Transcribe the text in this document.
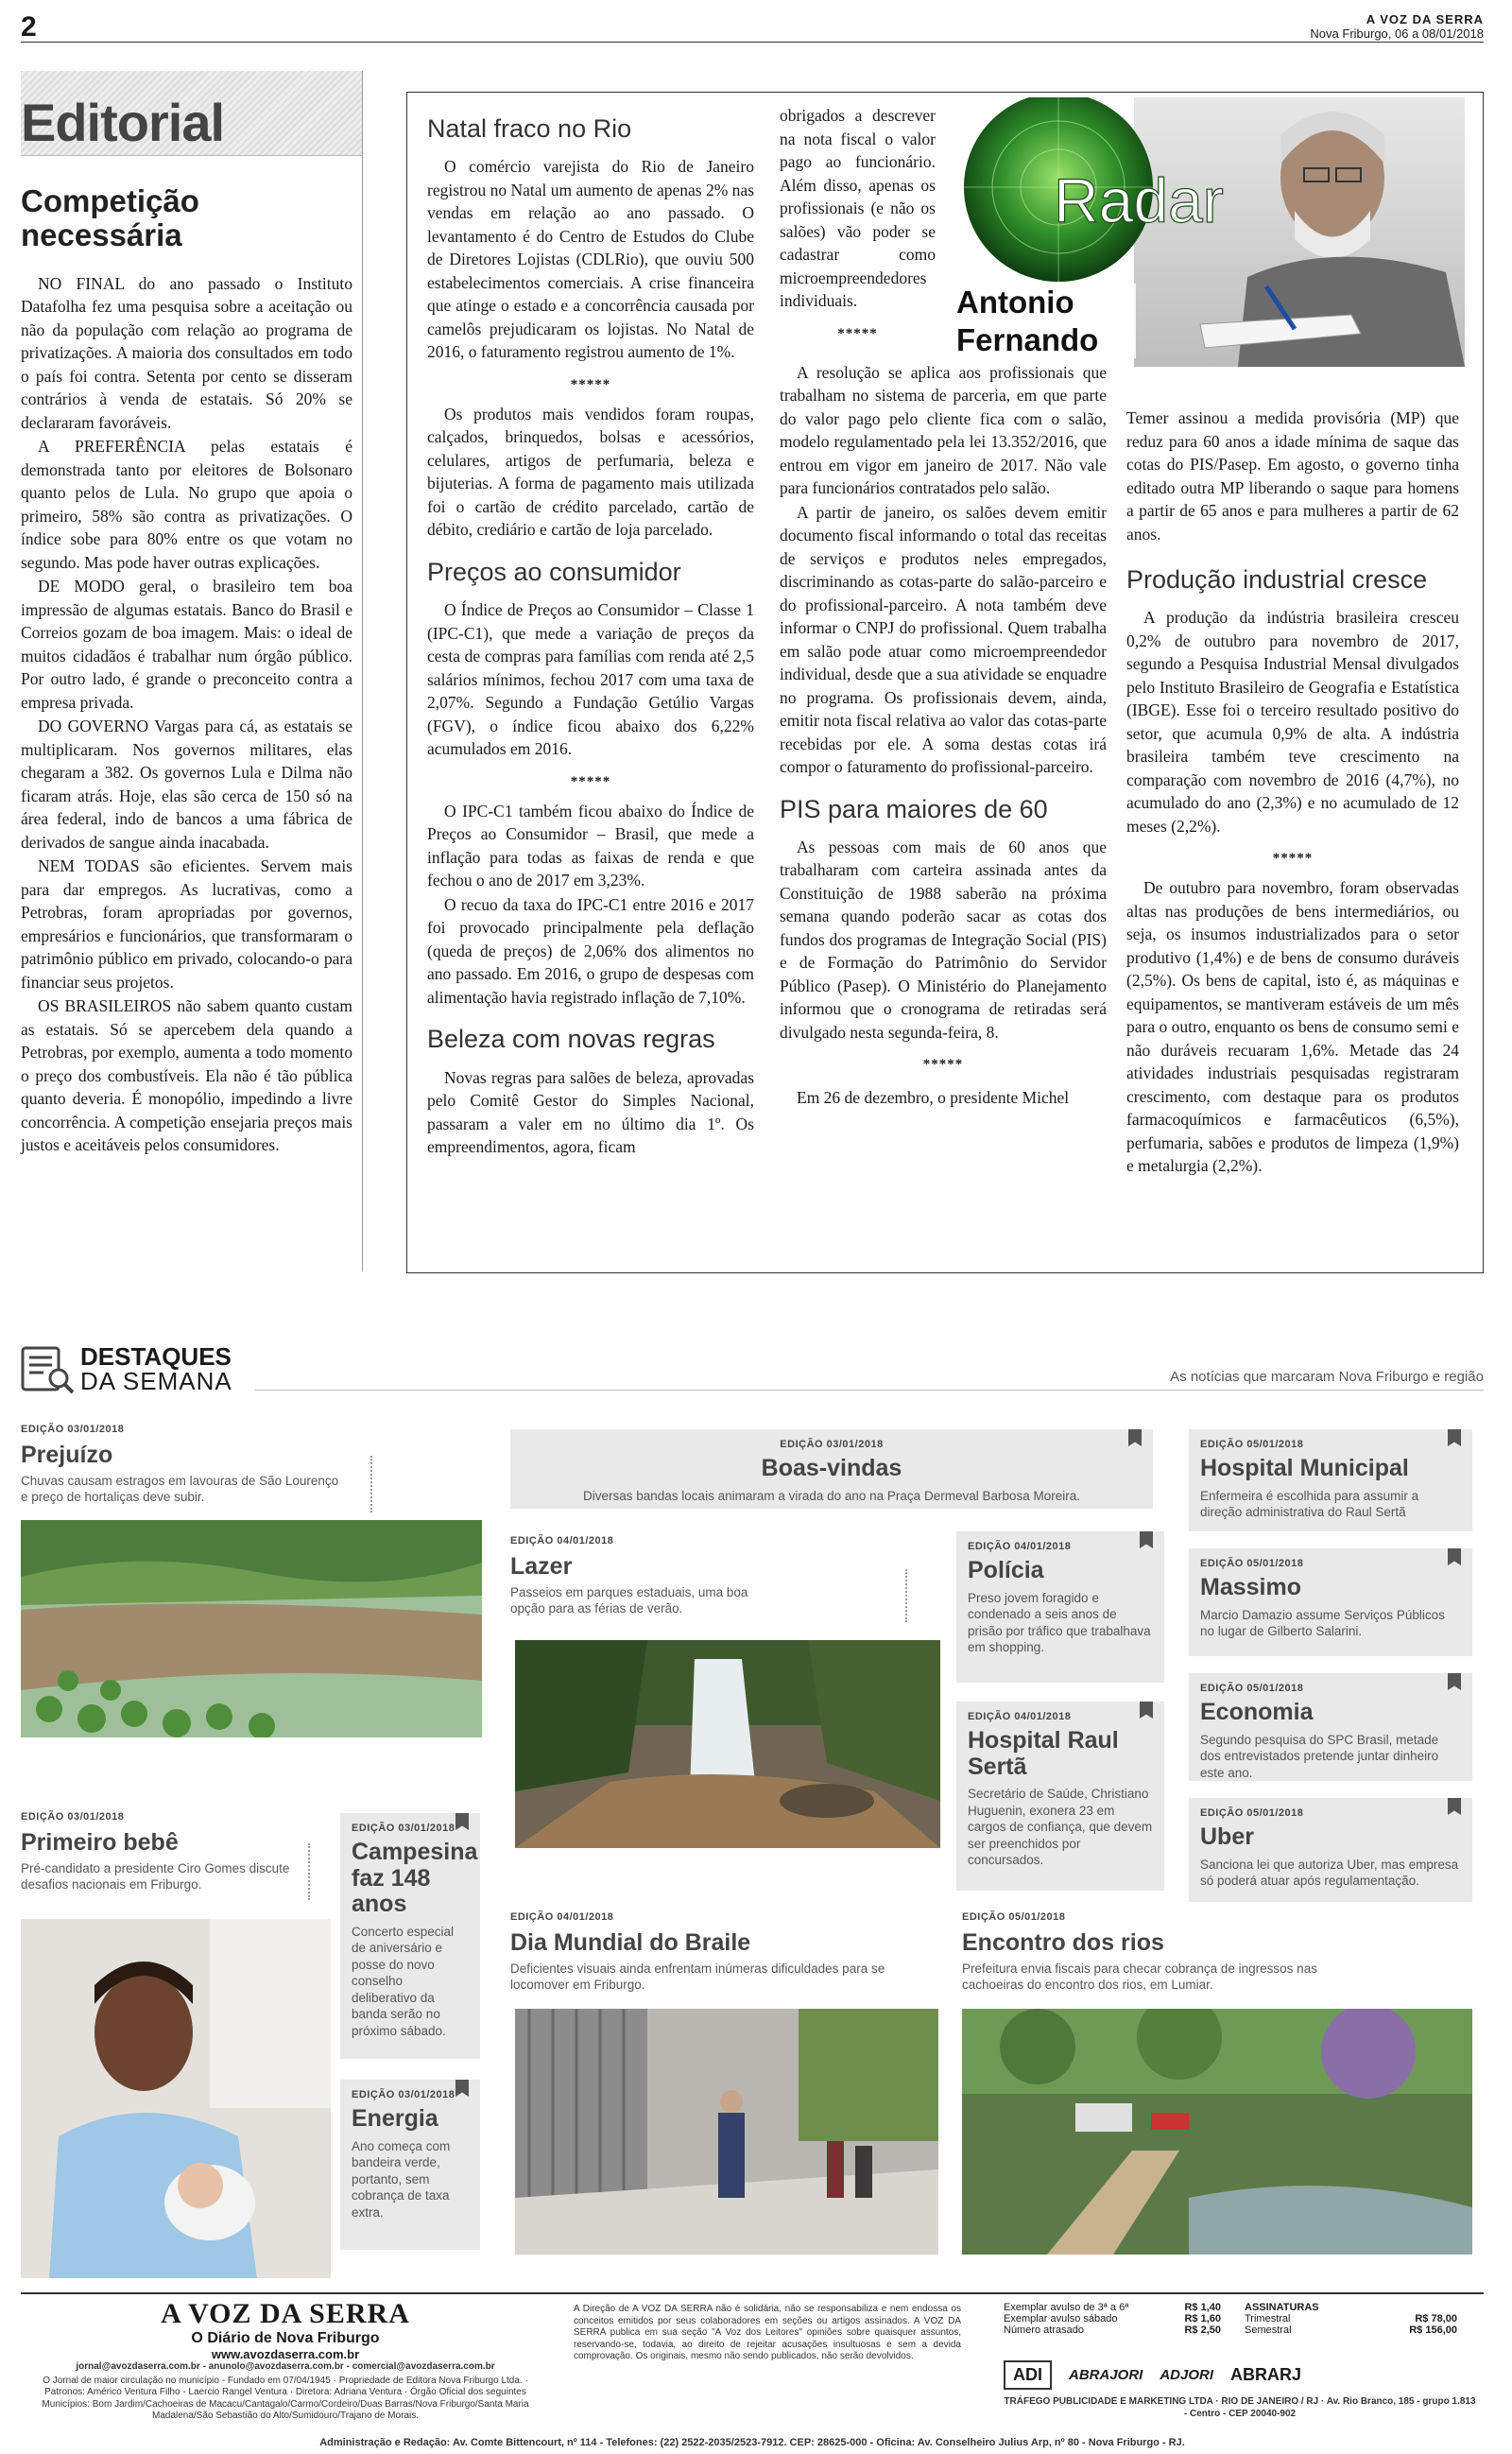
2	A VOZ DA SERRA
Nova Friburgo, 06 a 08/01/2018
Editorial
Competição necessária

NO FINAL do ano passado o Instituto Datafolha fez uma pesquisa sobre a aceitação ou não da população com relação ao programa de privatizações. A maioria dos consultados em todo o país foi contra. Setenta por cento se disseram contrários à venda de estatais. Só 20% se declararam favoráveis.

A PREFERÊNCIA pelas estatais é demonstrada tanto por eleitores de Bolsonaro quanto pelos de Lula. No grupo que apoia o primeiro, 58% são contra as privatizações. O índice sobe para 80% entre os que votam no segundo. Mas pode haver outras explicações.

DE MODO geral, o brasileiro tem boa impressão de algumas estatais. Banco do Brasil e Correios gozam de boa imagem. Mais: o ideal de muitos cidadãos é trabalhar num órgão público. Por outro lado, é grande o preconceito contra a empresa privada.

DO GOVERNO Vargas para cá, as estatais se multiplicaram. Nos governos militares, elas chegaram a 382. Os governos Lula e Dilma não ficaram atrás. Hoje, elas são cerca de 150 só na área federal, indo de bancos a uma fábrica de derivados de sangue ainda inacabada.

NEM TODAS são eficientes. Servem mais para dar empregos. As lucrativas, como a Petrobras, foram apropriadas por governos, empresários e funcionários, que transformaram o patrimônio público em privado, colocando-o para financiar seus projetos.

OS BRASILEIROS não sabem quanto custam as estatais. Só se apercebem dela quando a Petrobras, por exemplo, aumenta a todo momento o preço dos combustíveis. Ela não é tão pública quanto deveria. É monopólio, impedindo a livre concorrência. A competição ensejaria preços mais justos e aceitáveis pelos consumidores.

Natal fraco no Rio

O comércio varejista do Rio de Janeiro registrou no Natal um aumento de apenas 2% nas vendas em relação ao ano passado. O levantamento é do Centro de Estudos do Clube de Diretores Lojistas (CDLRio), que ouviu 500 estabelecimentos comerciais. A crise financeira que atinge o estado e a concorrência causada por camelôs prejudicaram os lojistas. No Natal de 2016, o faturamento registrou aumento de 1%.

*****

Os produtos mais vendidos foram roupas, calçados, brinquedos, bolsas e acessórios, celulares, artigos de perfumaria, beleza e bijuterias. A forma de pagamento mais utilizada foi o cartão de crédito parcelado, cartão de débito, crediário e cartão de loja parcelado.

Preços ao consumidor

O Índice de Preços ao Consumidor – Classe 1 (IPC-C1), que mede a variação de preços da cesta de compras para famílias com renda até 2,5 salários mínimos, fechou 2017 com uma taxa de 2,07%. Segundo a Fundação Getúlio Vargas (FGV), o índice ficou abaixo dos 6,22% acumulados em 2016.

*****

O IPC-C1 também ficou abaixo do Índice de Preços ao Consumidor – Brasil, que mede a inflação para todas as faixas de renda e que fechou o ano de 2017 em 3,23%.

O recuo da taxa do IPC-C1 entre 2016 e 2017 foi provocado principalmente pela deflação (queda de preços) de 2,06% dos alimentos no ano passado. Em 2016, o grupo de despesas com alimentação havia registrado inflação de 7,10%.

Beleza com novas regras

Novas regras para salões de beleza, aprovadas pelo Comitê Gestor do Simples Nacional, passaram a valer em no último dia 1º. Os empreendimentos, agora, ficam

obrigados a descrever na nota fiscal o valor pago ao funcionário. Além disso, apenas os profissionais (e não os salões) vão poder se cadastrar como microempreendedores individuais.

*****

A resolução se aplica aos profissionais que trabalham no sistema de parceria, em que parte do valor pago pelo cliente fica com o salão, modelo regulamentado pela lei 13.352/2016, que entrou em vigor em janeiro de 2017. Não vale para funcionários contratados pelo salão.

A partir de janeiro, os salões devem emitir documento fiscal informando o total das receitas de serviços e produtos neles empregados, discriminando as cotas-parte do salão-parceiro e do profissional-parceiro. A nota também deve informar o CNPJ do profissional. Quem trabalha em salão pode atuar como microempreendedor individual, desde que a sua atividade se enquadre no programa. Os profissionais devem, ainda, emitir nota fiscal relativa ao valor das cotas-parte recebidas por ele. A soma destas cotas irá compor o faturamento do profissional-parceiro.

PIS para maiores de 60

As pessoas com mais de 60 anos que trabalharam com carteira assinada antes da Constituição de 1988 saberão na próxima semana quando poderão sacar as cotas dos fundos dos programas de Integração Social (PIS) e de Formação do Patrimônio do Servidor Público (Pasep). O Ministério do Planejamento informou que o cronograma de retiradas será divulgado nesta segunda-feira, 8.

*****

Em 26 de dezembro, o presidente Michel

Radar
Antonio Fernando

Temer assinou a medida provisória (MP) que reduz para 60 anos a idade mínima de saque das cotas do PIS/Pasep. Em agosto, o governo tinha editado outra MP liberando o saque para homens a partir de 65 anos e para mulheres a partir de 62 anos.

Produção industrial cresce

A produção da indústria brasileira cresceu 0,2% de outubro para novembro de 2017, segundo a Pesquisa Industrial Mensal divulgados pelo Instituto Brasileiro de Geografia e Estatística (IBGE). Esse foi o terceiro resultado positivo do setor, que acumula 0,9% de alta. A indústria brasileira também teve crescimento na comparação com novembro de 2016 (4,7%), no acumulado do ano (2,3%) e no acumulado de 12 meses (2,2%).

*****

De outubro para novembro, foram observadas altas nas produções de bens intermediários, ou seja, os insumos industrializados para o setor produtivo (1,4%) e de bens de consumo duráveis (2,5%). Os bens de capital, isto é, as máquinas e equipamentos, se mantiveram estáveis de um mês para o outro, enquanto os bens de consumo semi e não duráveis recuaram 1,6%. Metade das 24 atividades industriais pesquisadas registraram crescimento, com destaque para os produtos farmacoquímicos e farmacêuticos (6,5%), perfumaria, sabões e produtos de limpeza (1,9%) e metalurgia (2,2%).

DESTAQUES
DA SEMANA	As notícias que marcaram Nova Friburgo e região
EDIÇÃO 03/01/2018
Prejuízo
Chuvas causam estragos em lavouras de São Lourenço e preço de hortaliças deve subir.
EDIÇÃO 03/01/2018
Boas-vindas
Diversas bandas locais animaram a virada do ano na Praça Dermeval Barbosa Moreira.
EDIÇÃO 05/01/2018
Hospital Municipal
Enfermeira é escolhida para assumir a direção administrativa do Raul Sertã
EDIÇÃO 04/01/2018
Lazer
Passeios em parques estaduais, uma boa opção para as férias de verão.
EDIÇÃO 04/01/2018
Polícia
Preso jovem foragido e condenado a seis anos de prisão por tráfico que trabalhava em shopping.
EDIÇÃO 05/01/2018
Massimo
Marcio Damazio assume Serviços Públicos no lugar de Gilberto Salarini.
EDIÇÃO 05/01/2018
Economia
Segundo pesquisa do SPC Brasil, metade dos entrevistados pretende juntar dinheiro este ano.
EDIÇÃO 04/01/2018
Hospital Raul Sertã
Secretário de Saúde, Christiano Huguenin, exonera 23 em cargos de confiança, que devem ser preenchidos por concursados.
EDIÇÃO 05/01/2018
Uber
Sanciona lei que autoriza Uber, mas empresa só poderá atuar após regulamentação.
EDIÇÃO 03/01/2018
Primeiro bebê
Pré-candidato a presidente Ciro Gomes discute desafios nacionais em Friburgo.
EDIÇÃO 03/01/2018
Campesina faz 148 anos
Concerto especial de aniversário e posse do novo conselho deliberativo da banda serão no próximo sábado.
EDIÇÃO 03/01/2018
Energia
Ano começa com bandeira verde, portanto, sem cobrança de taxa extra.
EDIÇÃO 04/01/2018
Dia Mundial do Braile
Deficientes visuais ainda enfrentam inúmeras dificuldades para se locomover em Friburgo.
EDIÇÃO 05/01/2018
Encontro dos rios
Prefeitura envia fiscais para checar cobrança de ingressos nas cachoeiras do encontro dos rios, em Lumiar.
A VOZ DA SERRA
O Diário de Nova Friburgo
www.avozdaserra.com.br
jornal@avozdaserra.com.br - anunolo@avozdaserra.com.br - comercial@avozdaserra.com.br
O Jornal de maior circulação no município - Fundado em 07/04/1945 · Propriedade de Editora Nova Friburgo Ltda. · Patronos: Américo Ventura Filho - Laercio Rangel Ventura · Diretora: Adriana Ventura · Órgão Oficial dos seguintes Municípios: Bom Jardim/Cachoeiras de Macacu/Cantagalo/Carmo/Cordeiro/Duas Barras/Nova Friburgo/Santa Maria Madalena/São Sebastião do Alto/Sumidouro/Trajano de Morais.
A Direção de A VOZ DA SERRA não é solidária, não se responsabiliza e nem endossa os conceitos emitidos por seus colaboradores em seções ou artigos assinados. A VOZ DA SERRA publica em sua seção "A Voz dos Leitores" opiniões sobre quaisquer assuntos, reservando-se, todavia, ao direito de rejeitar acusações insultuosas e sem a devida comprovação. Os originais, mesmo não sendo publicados, não serão devolvidos.
Exemplar avulso de 3ª a 6ª	R$ 1,40
Exemplar avulso sábado	R$ 1,60
Número atrasado	R$ 2,50
ASSINATURAS
Trimestral	R$ 78,00
Semestral	R$ 156,00
ADI	ABRAJORI ADJORI ABRARJ
TRÁFEGO PUBLICIDADE E MARKETING LTDA · RIO DE JANEIRO / RJ · Av. Rio Branco, 185 - grupo 1.813 - Centro - CEP 20040-902
Administração e Redação: Av. Comte Bittencourt, nº 114 - Telefones: (22) 2522-2035/2523-7912. CEP: 28625-000 - Oficina: Av. Conselheiro Julius Arp, nº 80 - Nova Friburgo - RJ.
